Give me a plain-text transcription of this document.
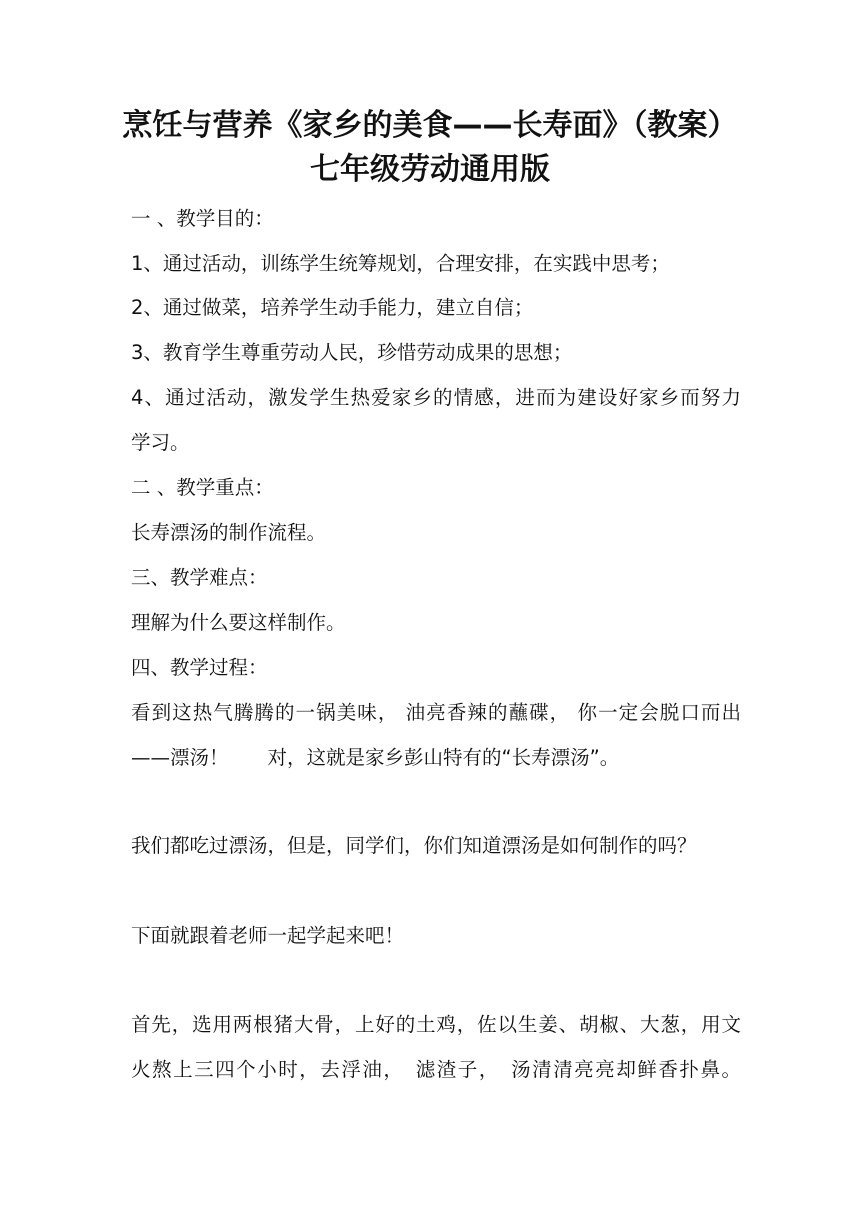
烹饪与营养《家乡的美食——长寿面》（教案）
七年级劳动通用版
一 、教学目的：
1、通过活动，训练学生统筹规划，合理安排，在实践中思考；
2、通过做菜，培养学生动手能力，建立自信；
3、教育学生尊重劳动人民，珍惜劳动成果的思想；
4、通过活动，激发学生热爱家乡的情感，进而为建设好家乡而努力
学习。
二 、教学重点：
长寿漂汤的制作流程。
三、教学难点：
理解为什么要这样制作。
四、教学过程：
看到这热气腾腾的一锅美味， 油亮香辣的蘸碟， 你一定会脱口而出
——漂汤！　　对，这就是家乡彭山特有的“长寿漂汤”。
我们都吃过漂汤，但是，同学们，你们知道漂汤是如何制作的吗？
下面就跟着老师一起学起来吧！
首先，选用两根猪大骨，上好的土鸡，佐以生姜、胡椒、大葱，用文
火熬上三四个小时，去浮油，　滤渣子，　汤清清亮亮却鲜香扑鼻。
